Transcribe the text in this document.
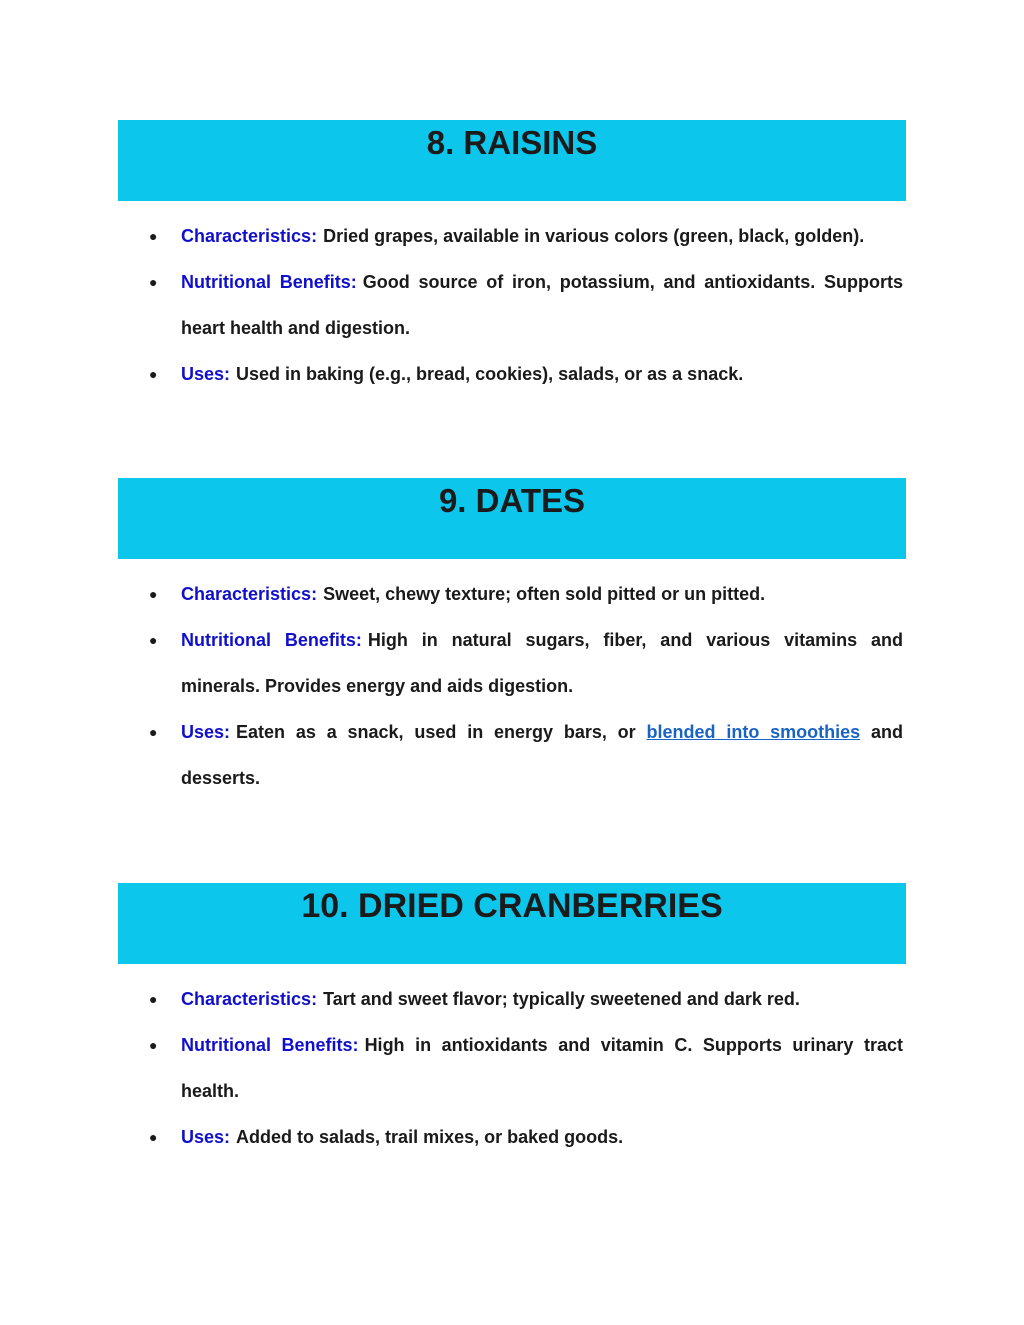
8. RAISINS
● Characteristics: Dried grapes, available in various colors (green, black, golden).
● Nutritional Benefits: Good source of iron, potassium, and antioxidants. Supports heart health and digestion.
● Uses: Used in baking (e.g., bread, cookies), salads, or as a snack.
9. DATES
● Characteristics: Sweet, chewy texture; often sold pitted or un pitted.
● Nutritional Benefits: High in natural sugars, fiber, and various vitamins and minerals. Provides energy and aids digestion.
● Uses: Eaten as a snack, used in energy bars, or blended into smoothies and desserts.
10. DRIED CRANBERRIES
● Characteristics: Tart and sweet flavor; typically sweetened and dark red.
● Nutritional Benefits: High in antioxidants and vitamin C. Supports urinary tract health.
● Uses: Added to salads, trail mixes, or baked goods.
